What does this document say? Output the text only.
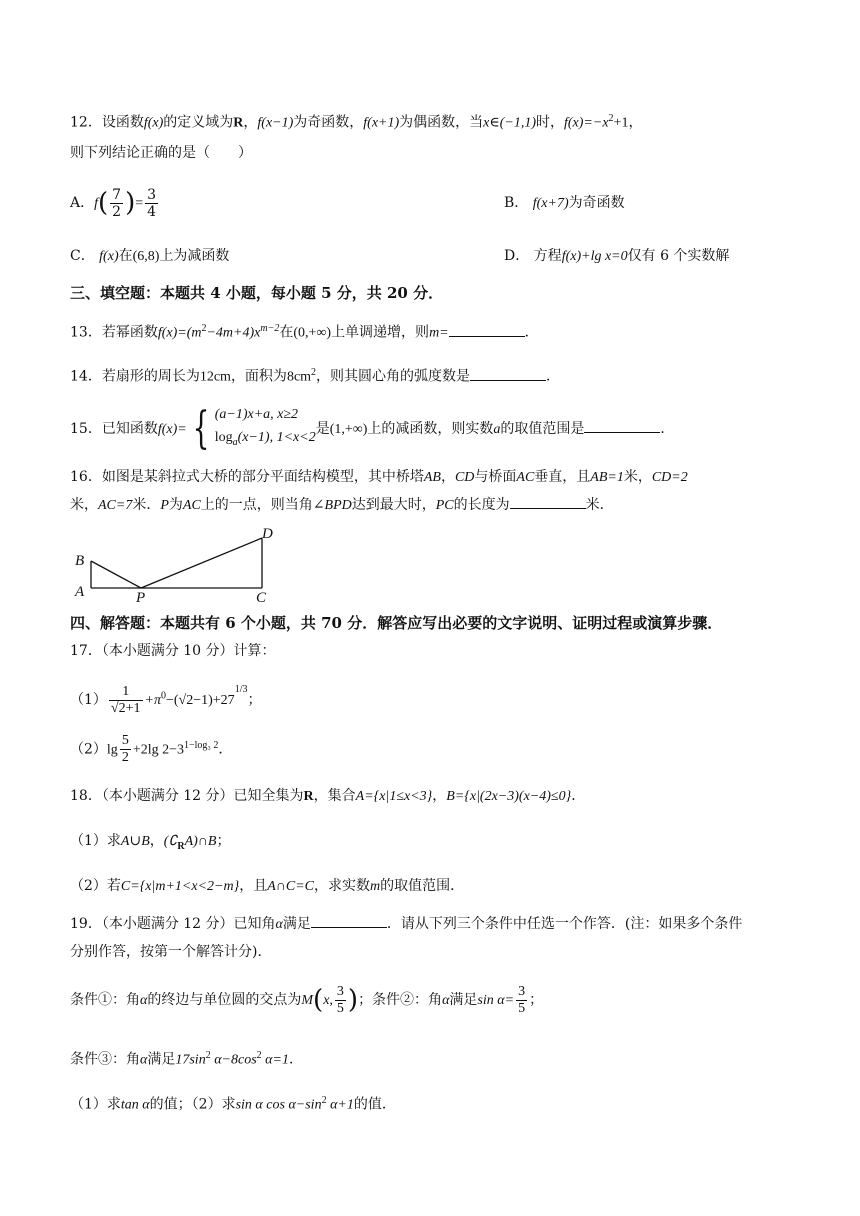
12．设函数f(x)的定义域为R，f(x−1)为奇函数，f(x+1)为偶函数，当x∈(−1,1)时，$f(x)=-x^2+1$，
则下列结论正确的是（　　）
A．$f( \frac{7}{2}$ )= $\frac{3}{4}$	B． f(x+7)为奇函数
C． f(x)在(6,8)上为减函数	D． 方程f(x)+lg x=0仅有 6 个实数解
三、填空题：本题共 4 小题，每小题 5 分，共 20 分．
13．若幂函数$f(x)=(m^2-4m+4)x^{m-2}$在(0,+∞)上单调递增，则m=	．
14．若扇形的周长为12cm，面积为$8cm^2$，则其圆心角的弧度数是	．
15．已知函数f(x)= { (a−1)x+a, x≥2
$\log_a(x-1)$, 1<x<2
是(1,+∞)上的减函数，则实数a的取值范围是	．
16．如图是某斜拉式大桥的部分平面结构模型，其中桥塔AB，CD与桥面AC垂直，且AB=1米，CD=2
米，AC=7米．P为AC上的一点，则当角∠BPD达到最大时，PC的长度为	米．
B
A	P
D
C
四、解答题：本题共有 6 个小题，共 70 分．解答应写出必要的文字说明、证明过程或演算步骤．
17．（本小题满分 10 分）计算：
$(1) \frac{1}{√2+1} +\pi^0-(√2-1)+27^{1/3}$；
$(2)\lg \frac{5}{2} +2\lg$ $2-3^{1-log_3 2}$．
18．（本小题满分 12 分）已知全集为R，集合A={x|1≤x<3}，B={x|(2x−3)(x−4)≤0}．
（1）求A∪B，$(∁_RA)\cap B$；
（2）若C={x|m+1<x<2−m}，且A∩C=C，求实数m的取值范围．
19．（本小题满分 12 分）已知角α满足	．请从下列三个条件中任选一个作答．(注：如果多个条件
分别作答，按第一个解答计分)．
条件①：角α的终边与单位圆的交点为M(x, $\frac{3}{5}$ )；条件②：角α满足$\sin \alpha= \frac{3}{5}$ ；
条件③：角α满足$17\sin^2$ $\alpha-8\cos^2$ α=1．
（1）求tan α的值；（2）求sin α $\cos \alpha-\sin^2$ α+1的值．
